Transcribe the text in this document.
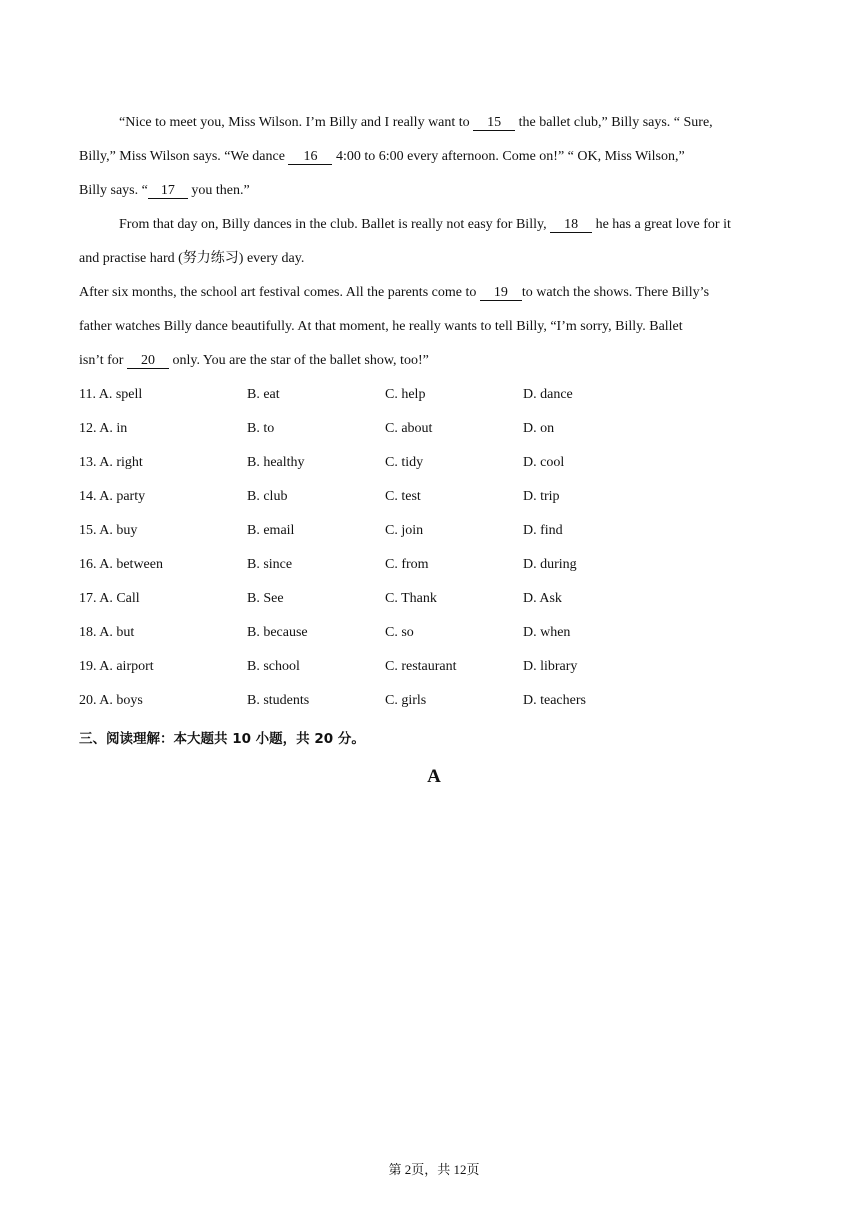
“Nice to meet you, Miss Wilson. I’m Billy and I really want to 15 the ballet club,” Billy says. “ Sure,
Billy,” Miss Wilson says. “We dance 16 4:00 to 6:00 every afternoon. Come on!” “ OK, Miss Wilson,”
Billy says. “ 17 you then.”
From that day on, Billy dances in the club. Ballet is really not easy for Billy, 18 he has a great love for it
and practise hard (努力练习) every day.
After six months, the school art festival comes. All the parents come to 19 to watch the shows. There Billy’s
father watches Billy dance beautifully. At that moment, he really wants to tell Billy, “I’m sorry, Billy. Ballet
isn’t for 20 only. You are the star of the ballet show, too!”
11. A. spell	B. eat	C. help	D. dance
12. A. in	B. to	C. about	D. on
13. A. right	B. healthy	C. tidy	D. cool
14. A. party	B. club	C. test	D. trip
15. A. buy	B. email	C. join	D. find
16. A. between	B. since	C. from	D. during
17. A. Call	B. See	C. Thank	D. Ask
18. A. but	B. because	C. so	D. when
19. A. airport	B. school	C. restaurant	D. library
20. A. boys	B. students	C. girls	D. teachers
三、阅读理解：本大题共 10 小题，共 20 分。
A
第 2页，共 12页
